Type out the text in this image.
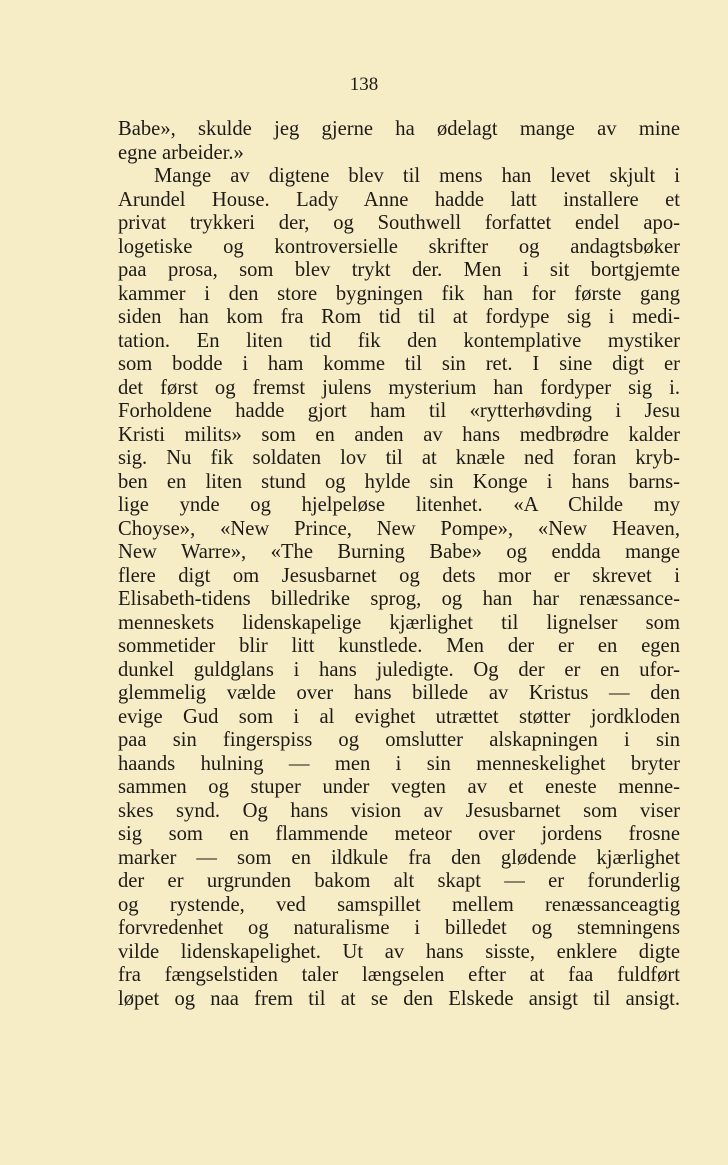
138
Babe», skulde jeg gjerne ha ødelagt mange av mine
egne arbeider.»
Mange av digtene blev til mens han levet skjult i
Arundel House. Lady Anne hadde latt installere et
privat trykkeri der, og Southwell forfattet endel apo-
logetiske og kontroversielle skrifter og andagtsbøker
paa prosa, som blev trykt der. Men i sit bortgjemte
kammer i den store bygningen fik han for første gang
siden han kom fra Rom tid til at fordype sig i medi-
tation. En liten tid fik den kontemplative mystiker
som bodde i ham komme til sin ret. I sine digt er
det først og fremst julens mysterium han fordyper sig i.
Forholdene hadde gjort ham til «rytterhøvding i Jesu
Kristi milits» som en anden av hans medbrødre kalder
sig. Nu fik soldaten lov til at knæle ned foran kryb-
ben en liten stund og hylde sin Konge i hans barns-
lige ynde og hjelpeløse litenhet. «A Childe my
Choyse», «New Prince, New Pompe», «New Heaven,
New Warre», «The Burning Babe» og endda mange
flere digt om Jesusbarnet og dets mor er skrevet i
Elisabeth-tidens billedrike sprog, og han har renæssance-
menneskets lidenskapelige kjærlighet til lignelser som
sommetider blir litt kunstlede. Men der er en egen
dunkel guldglans i hans juledigte. Og der er en ufor-
glemmelig vælde over hans billede av Kristus — den
evige Gud som i al evighet utrættet støtter jordkloden
paa sin fingerspiss og omslutter alskapningen i sin
haands hulning — men i sin menneskelighet bryter
sammen og stuper under vegten av et eneste menne-
skes synd. Og hans vision av Jesusbarnet som viser
sig som en flammende meteor over jordens frosne
marker — som en ildkule fra den glødende kjærlighet
der er urgrunden bakom alt skapt — er forunderlig
og rystende, ved samspillet mellem renæssanceagtig
forvredenhet og naturalisme i billedet og stemningens
vilde lidenskapelighet. Ut av hans sisste, enklere digte
fra fængselstiden taler længselen efter at faa fuldført
løpet og naa frem til at se den Elskede ansigt til ansigt.
